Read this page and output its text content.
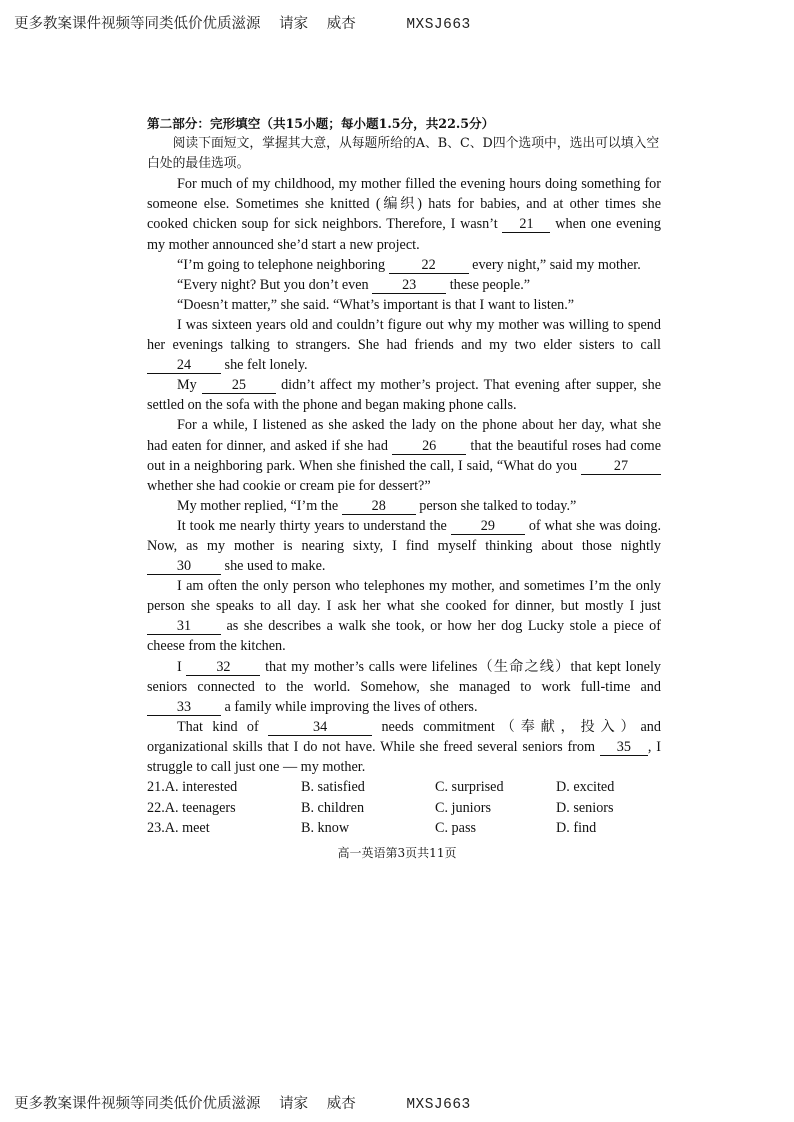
更多教案课件视频等同类低价优质滋源 请家 威杏	MXSJ663
第二部分：完形填空（共15小题；每小题1.5分，共22.5分）

阅读下面短文，掌握其大意，从每题所给的A、B、C、D四个选项中，选出可以填入空白处的最佳选项。

For much of my childhood, my mother filled the evening hours doing something for someone else. Sometimes she knitted (编织) hats for babies, and at other times she cooked chicken soup for sick neighbors. Therefore, I wasn’t 21 when one evening my mother announced she’d start a new project.

“I’m going to telephone neighboring 22 every night,” said my mother.

“Every night? But you don’t even 23 these people.”

“Doesn’t matter,” she said. “What’s important is that I want to listen.”

I was sixteen years old and couldn’t figure out why my mother was willing to spend her evenings talking to strangers. She had friends and my two elder sisters to call 24 she felt lonely.

My 25 didn’t affect my mother’s project. That evening after supper, she settled on the sofa with the phone and began making phone calls.

For a while, I listened as she asked the lady on the phone about her day, what she had eaten for dinner, and asked if she had 26 that the beautiful roses had come out in a neighboring park. When she finished the call, I said, “What do you 27 whether she had cookie or cream pie for dessert?”

My mother replied, “I’m the 28 person she talked to today.”

It took me nearly thirty years to understand the 29 of what she was doing. Now, as my mother is nearing sixty, I find myself thinking about those nightly 30 she used to make.

I am often the only person who telephones my mother, and sometimes I’m the only person she speaks to all day. I ask her what she cooked for dinner, but mostly I just 31 as she describes a walk she took, or how her dog Lucky stole a piece of cheese from the kitchen.

I 32 that my mother’s calls were lifelines（生命之线）that kept lonely seniors connected to the world. Somehow, she managed to work full-time and 33 a family while improving the lives of others.

That kind of	34	needs commitment（奉献，投入）and organizational skills that I do not have. While she freed several seniors from 35 , I struggle to call just one — my mother.

21.A. interested	B. satisfied	C. surprised	D. excited
22.A. teenagers	B. children	C. juniors	D. seniors
23.A. meet	B. know	C. pass	D. find
高一英语第3页共11页
更多教案课件视频等同类低价优质滋源 请家 威杏	MXSJ663
